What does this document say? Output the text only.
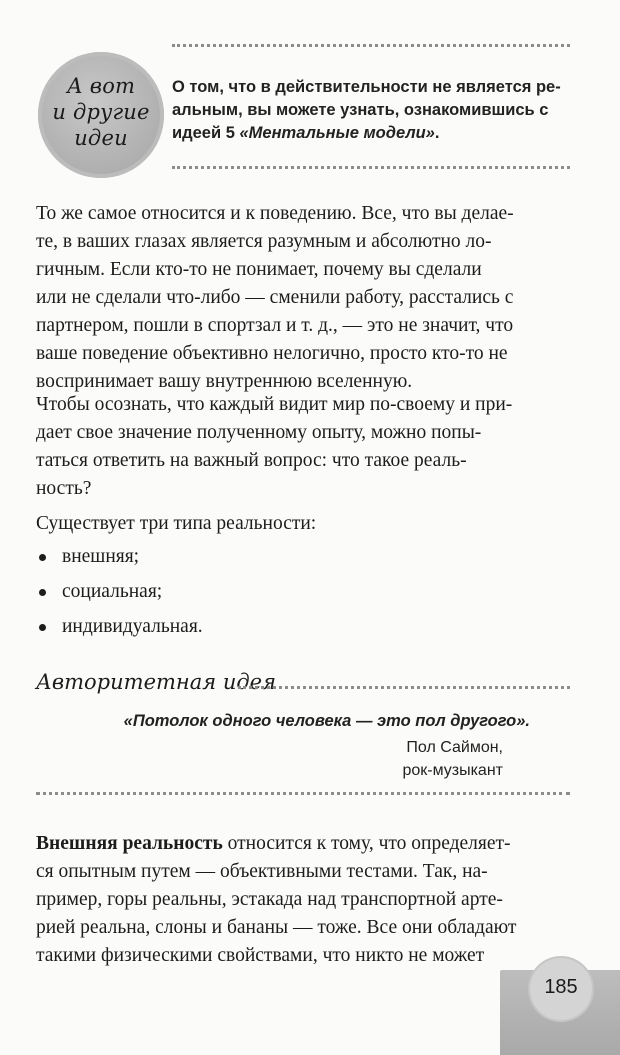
А вот
и другие
идеи

О том, что в действительности не является ре-

альным, вы можете узнать, ознакомившись с

идеей 5 «Ментальные модели».

То же самое относится и к поведению. Все, что вы делае-
те, в ваших глазах является разумным и абсолютно ло-
гичным. Если кто-то не понимает, почему вы сделали
или не сделали что-либо — сменили работу, расстались с
партнером, пошли в спортзал и т. д., — это не значит, что
ваше поведение объективно нелогично, просто кто-то не
воспринимает вашу внутреннюю вселенную.
Чтобы осознать, что каждый видит мир по-своему и при-
дает свое значение полученному опыту, можно попы-
таться ответить на важный вопрос: что такое реаль-
ность?
Существует три типа реальности:
внешняя;
социальная;
индивидуальная.
Авторитетная идея
«Потолок одного человека — это пол другого».
Пол Саймон,
рок-музыкант
Внешняя реальность относится к тому, что определяет-
ся опытным путем — объективными тестами. Так, на-
пример, горы реальны, эстакада над транспортной арте-
рией реальна, слоны и бананы — тоже. Все они обладают
такими физическими свойствами, что никто не может
185
